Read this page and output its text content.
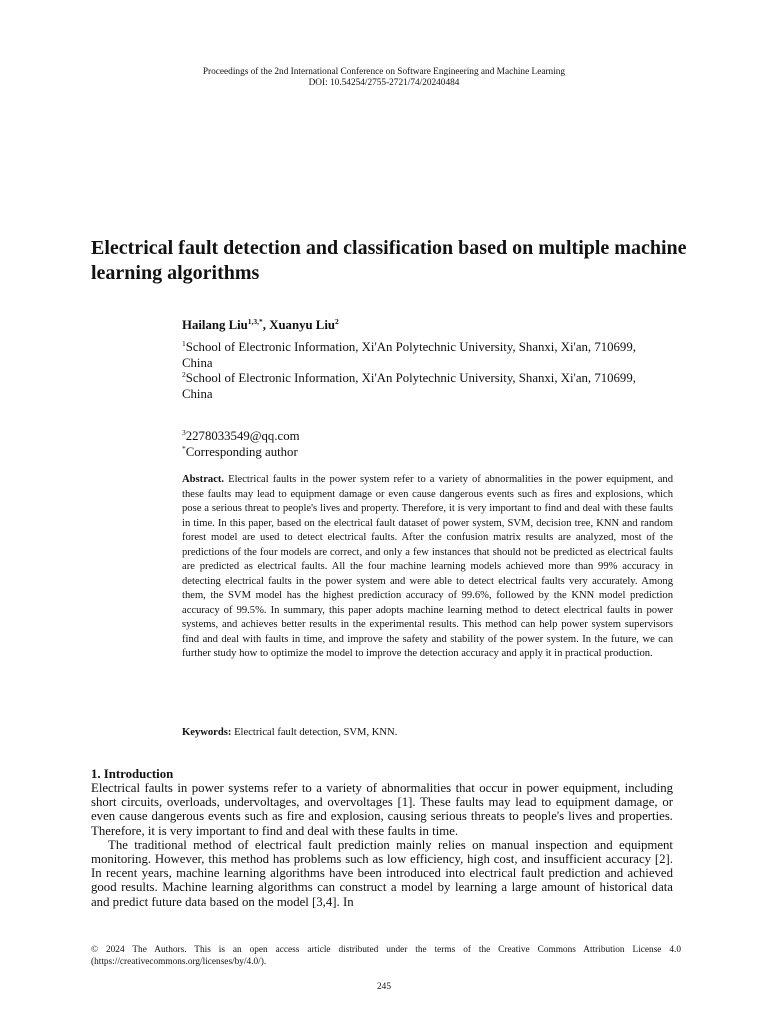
Proceedings of the 2nd International Conference on Software Engineering and Machine Learning
DOI: 10.54254/2755-2721/74/20240484
Electrical fault detection and classification based on multiple machine learning algorithms
Hailang Liu$^{1,3,*}$, Xuanyu Liu$^2$
$^1$School of Electronic Information, Xi'An Polytechnic University, Shanxi, Xi'an, 710699, China
$^2$School of Electronic Information, Xi'An Polytechnic University, Shanxi, Xi'an, 710699, China
$^3$2278033549@qq.com
*Corresponding author

Abstract. Electrical faults in the power system refer to a variety of abnormalities in the power equipment, and these faults may lead to equipment damage or even cause dangerous events such as fires and explosions, which pose a serious threat to people's lives and property. Therefore, it is very important to find and deal with these faults in time. In this paper, based on the electrical fault dataset of power system, SVM, decision tree, KNN and random forest model are used to detect electrical faults. After the confusion matrix results are analyzed, most of the predictions of the four models are correct, and only a few instances that should not be predicted as electrical faults are predicted as electrical faults. All the four machine learning models achieved more than 99% accuracy in detecting electrical faults in the power system and were able to detect electrical faults very accurately. Among them, the SVM model has the highest prediction accuracy of 99.6%, followed by the KNN model prediction accuracy of 99.5%. In summary, this paper adopts machine learning method to detect electrical faults in power systems, and achieves better results in the experimental results. This method can help power system supervisors find and deal with faults in time, and improve the safety and stability of the power system. In the future, we can further study how to optimize the model to improve the detection accuracy and apply it in practical production.

Keywords: Electrical fault detection, SVM, KNN.

1. Introduction

Electrical faults in power systems refer to a variety of abnormalities that occur in power equipment, including short circuits, overloads, undervoltages, and overvoltages [1]. These faults may lead to equipment damage, or even cause dangerous events such as fire and explosion, causing serious threats to people's lives and properties. Therefore, it is very important to find and deal with these faults in time.

The traditional method of electrical fault prediction mainly relies on manual inspection and equipment monitoring. However, this method has problems such as low efficiency, high cost, and insufficient accuracy [2]. In recent years, machine learning algorithms have been introduced into electrical fault prediction and achieved good results. Machine learning algorithms can construct a model by learning a large amount of historical data and predict future data based on the model [3,4]. In

© 2024 The Authors. This is an open access article distributed under the terms of the Creative Commons Attribution License 4.0 (https://creativecommons.org/licenses/by/4.0/).
245
